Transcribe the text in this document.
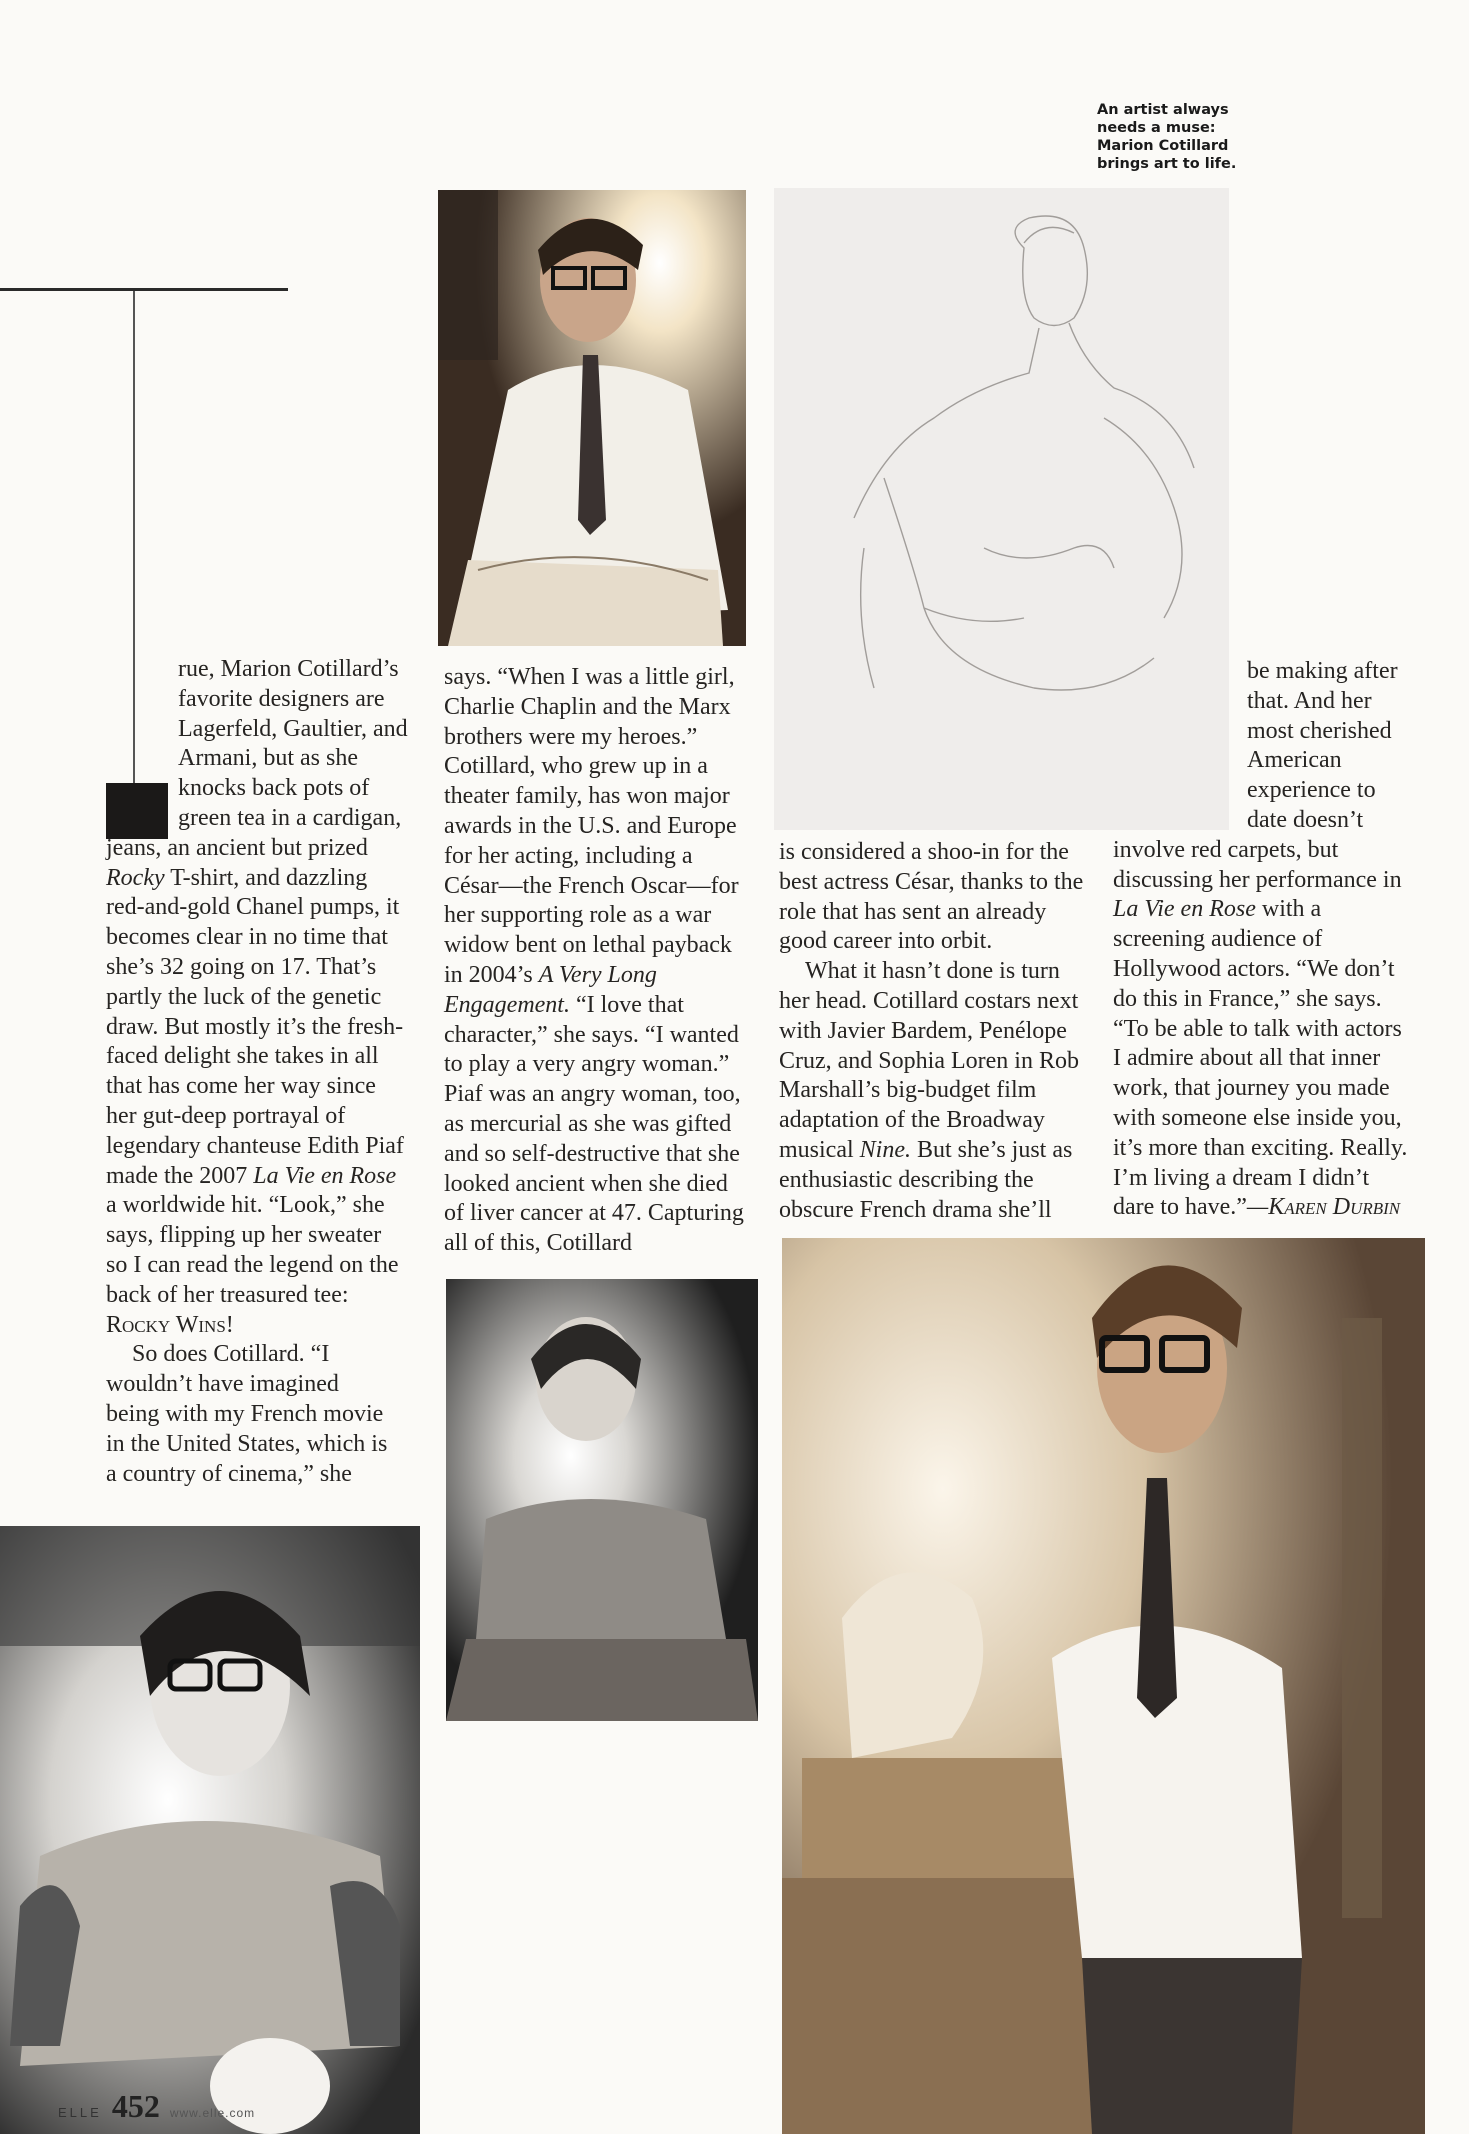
An artist always
needs a muse:
Marion Cotillard
brings art to life.
rue, Marion Cotillard’s
favorite designers are
Lagerfeld, Gaultier, and
Armani, but as she
knocks back pots of
green tea in a cardigan,

jeans, an ancient but prized Rocky T-shirt, and dazzling red-and-gold Chanel pumps, it becomes clear in no time that she’s 32 going on 17. That’s partly the luck of the genetic draw. But mostly it’s the fresh-faced delight she takes in all that has come her way since her gut-deep portrayal of legendary chanteuse Edith Piaf made the 2007 La Vie en Rose a worldwide hit. “Look,” she says, flipping up her sweater so I can read the legend on the back of her treasured tee: Rocky Wins!

So does Cotillard. “I wouldn’t have imagined being with my French movie in the United States, which is a country of cinema,” she

says. “When I was a little girl, Charlie Chaplin and the Marx brothers were my heroes.” Cotillard, who grew up in a theater family, has won major awards in the U.S. and Europe for her acting, including a César—the French Oscar—for her supporting role as a war widow bent on lethal payback in 2004’s A Very Long Engagement. “I love that character,” she says. “I wanted to play a very angry woman.” Piaf was an angry woman, too, as mercurial as she was gifted and so self-destructive that she looked ancient when she died of liver cancer at 47. Capturing all of this, Cotillard

is considered a shoo-in for the best actress César, thanks to the role that has sent an already good career into orbit.

What it hasn’t done is turn her head. Cotillard costars next with Javier Bardem, Penélope Cruz, and Sophia Loren in Rob Marshall’s big-budget film adaptation of the Broadway musical Nine. But she’s just as enthusiastic describing the obscure French drama she’ll

be making after
that. And her
most cherished
American
experience to
date doesn’t

involve red carpets, but discussing her performance in La Vie en Rose with a screening audience of Hollywood actors. “We don’t do this in France,” she says. “To be able to talk with actors I admire about all that inner work, that journey you made with someone else inside you, it’s more than exciting. Really. I’m living a dream I didn’t dare to have.”—Karen Durbin

ELLE 452 www.elle.com
